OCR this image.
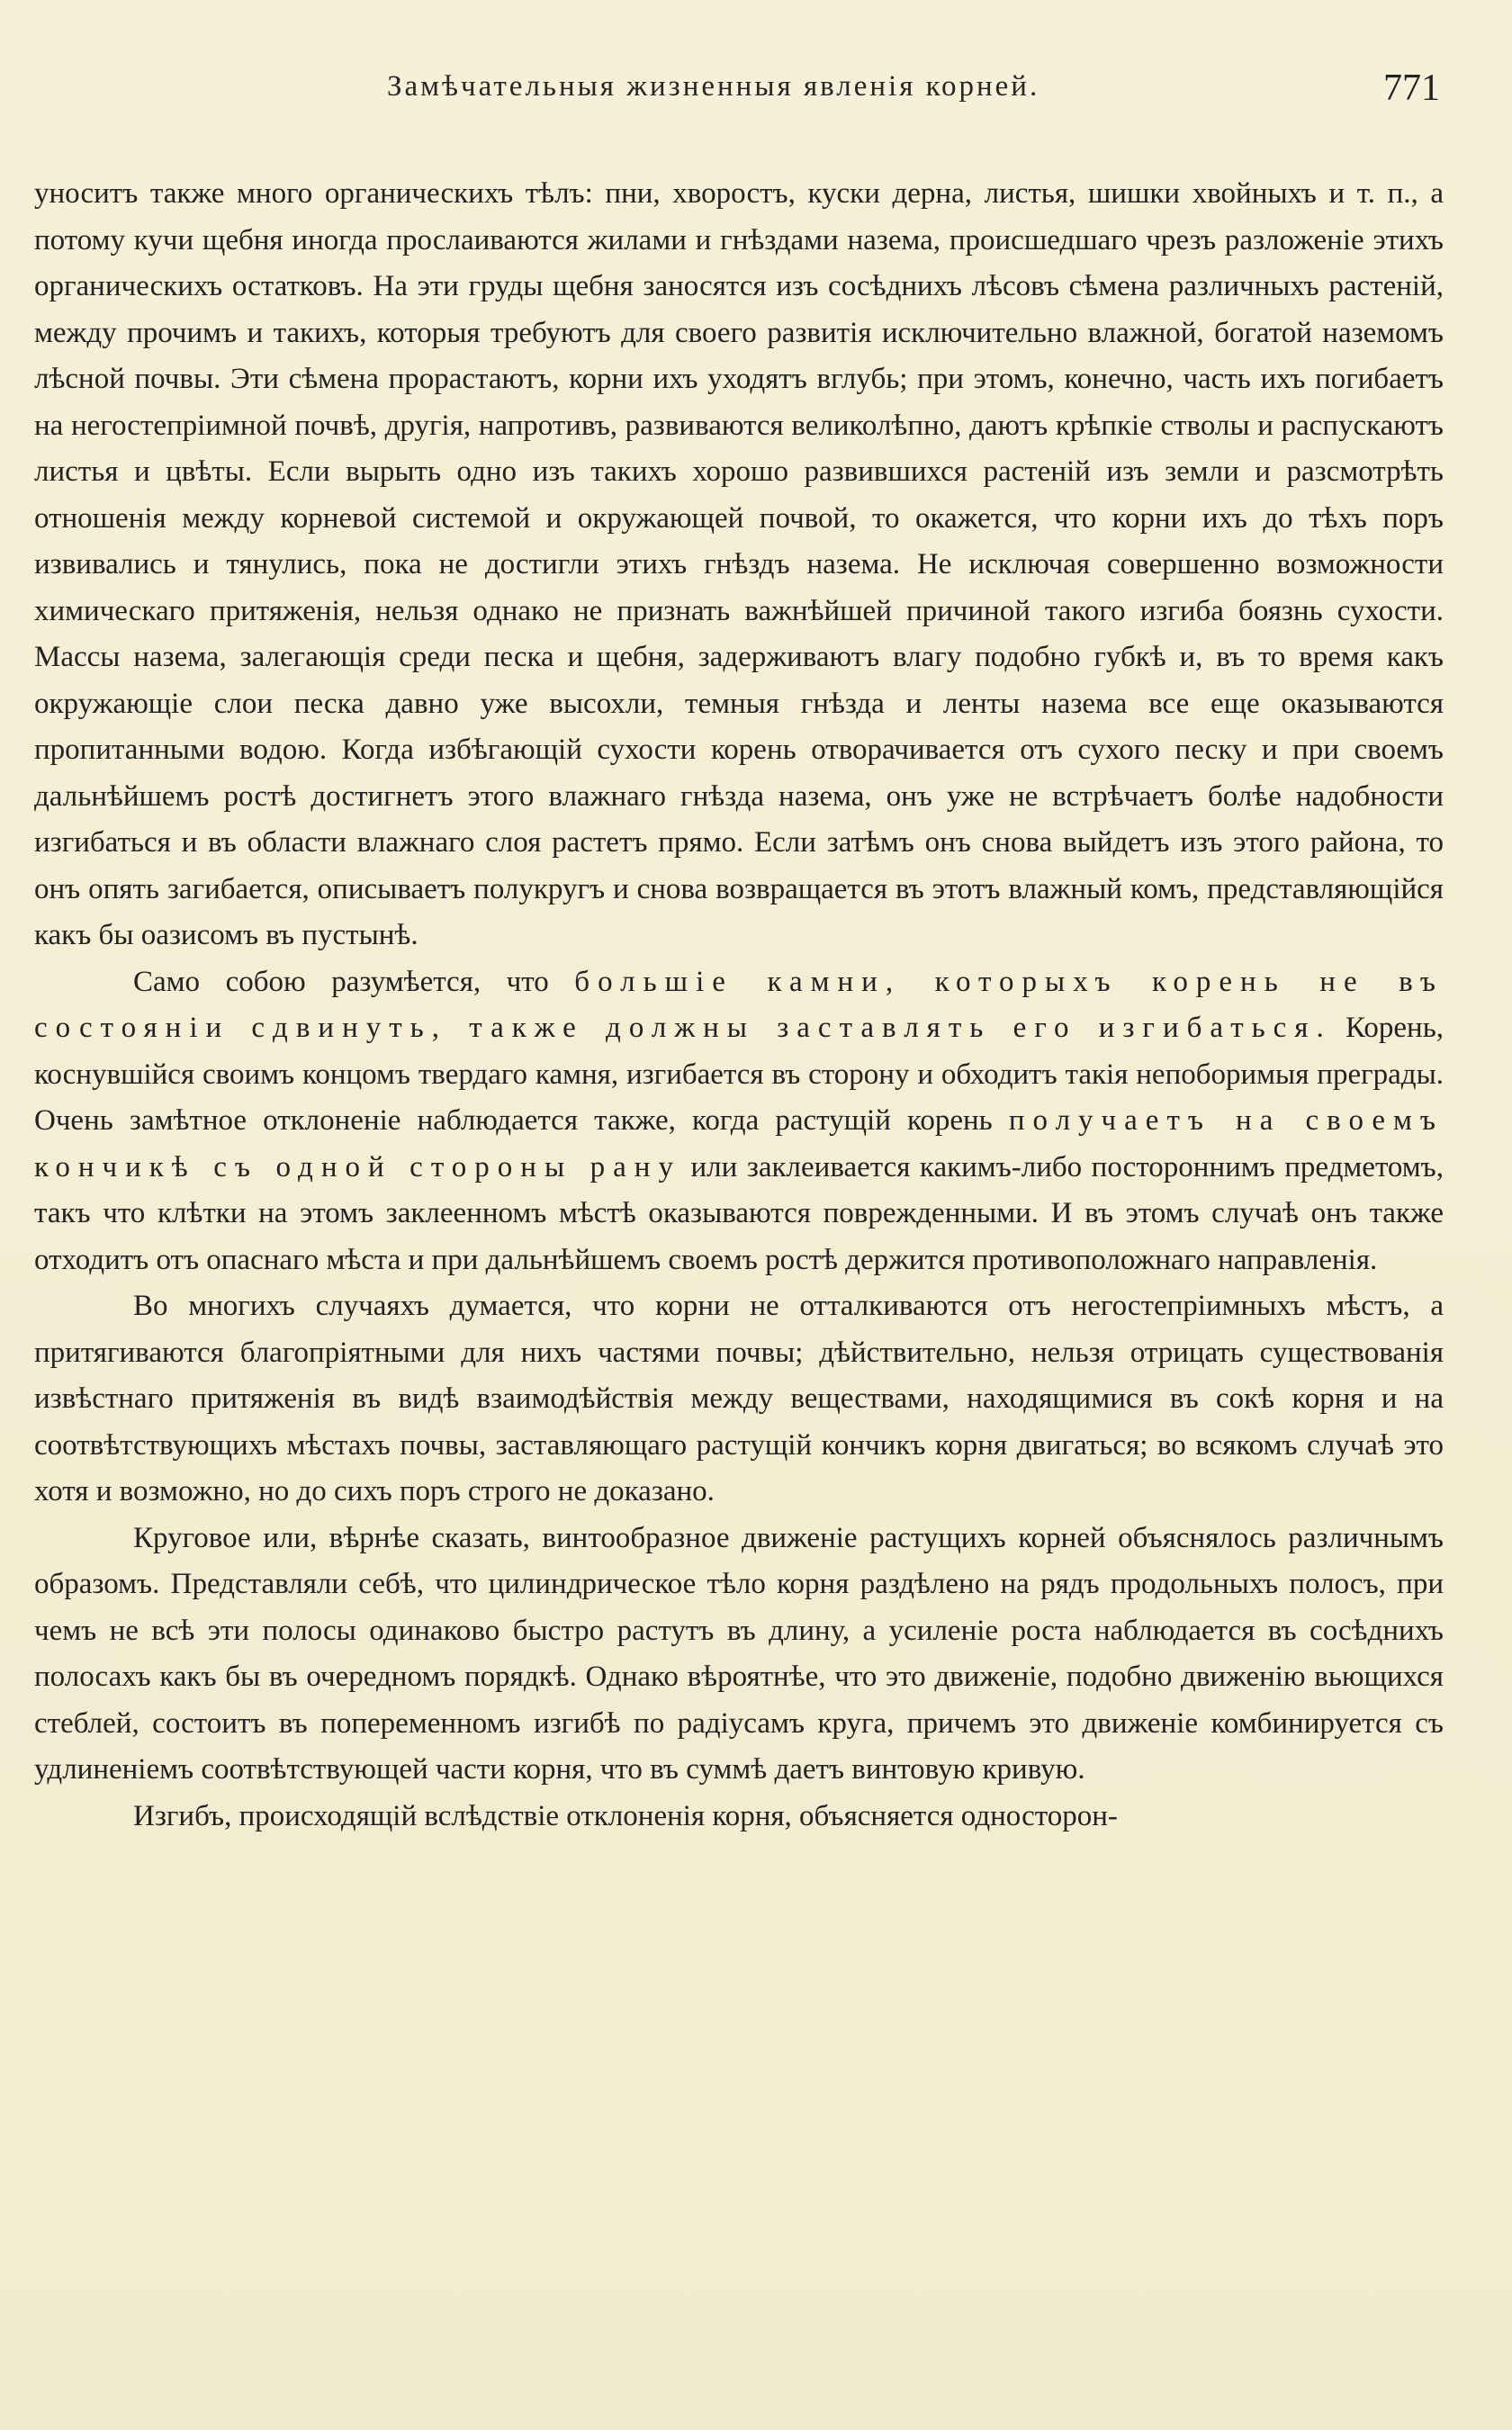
Замѣчательныя жизненныя явленія корней.	771

уноситъ также много органическихъ тѣлъ: пни, хворостъ, куски дерна, листья, шишки хвойныхъ и т. п., а потому кучи щебня иногда прослаиваются жилами и гнѣздами назема, происшедшаго чрезъ разложеніе этихъ органическихъ остатковъ. На эти груды щебня заносятся изъ сосѣднихъ лѣсовъ сѣмена различныхъ растеній, между прочимъ и такихъ, которыя требуютъ для своего развитія исключительно влажной, богатой наземомъ лѣсной почвы. Эти сѣмена прорастаютъ, корни ихъ уходятъ вглубь; при этомъ, конечно, часть ихъ погибаетъ на негостепріимной почвѣ, другія, напротивъ, развиваются великолѣпно, даютъ крѣпкіе стволы и распускаютъ листья и цвѣты. Если вырыть одно изъ такихъ хорошо развившихся растеній изъ земли и разсмотрѣть отношенія между корневой системой и окружающей почвой, то окажется, что корни ихъ до тѣхъ поръ извивались и тянулись, пока не достигли этихъ гнѣздъ назема. Не исключая совершенно возможности химическаго притяженія, нельзя однако не признать важнѣйшей причиной такого изгиба боязнь сухости. Массы назема, залегающія среди песка и щебня, задерживаютъ влагу подобно губкѣ и, въ то время какъ окружающіе слои песка давно уже высохли, темныя гнѣзда и ленты назема все еще оказываются пропитанными водою. Когда избѣгающій сухости корень отворачивается отъ сухого песку и при своемъ дальнѣйшемъ ростѣ достигнетъ этого влажнаго гнѣзда назема, онъ уже не встрѣчаетъ болѣе надобности изгибаться и въ области влажнаго слоя растетъ прямо. Если затѣмъ онъ снова выйдетъ изъ этого района, то онъ опять загибается, описываетъ полукругъ и снова возвращается въ этотъ влажный комъ, представляющійся какъ бы оазисомъ въ пустынѣ.

Само собою разумѣется, что большіе камни, которыхъ корень не въ состояніи сдвинуть, также должны заставлять его изгибаться. Корень, коснувшійся своимъ концомъ твердаго камня, изгибается въ сторону и обходитъ такія непоборимыя преграды. Очень замѣтное отклоненіе наблюдается также, когда растущій корень получаетъ на своемъ кончикѣ съ одной стороны рану или заклеивается какимъ-либо постороннимъ предметомъ, такъ что клѣтки на этомъ заклеенномъ мѣстѣ оказываются поврежденными. И въ этомъ случаѣ онъ также отходитъ отъ опаснаго мѣста и при дальнѣйшемъ своемъ ростѣ держится противоположнаго направленія.

Во многихъ случаяхъ думается, что корни не отталкиваются отъ негостепріимныхъ мѣстъ, а притягиваются благопріятными для нихъ частями почвы; дѣйствительно, нельзя отрицать существованія извѣстнаго притяженія въ видѣ взаимодѣйствія между веществами, находящимися въ сокѣ корня и на соотвѣтствующихъ мѣстахъ почвы, заставляющаго растущій кончикъ корня двигаться; во всякомъ случаѣ это хотя и возможно, но до сихъ поръ строго не доказано.

Круговое или, вѣрнѣе сказать, винтообразное движеніе растущихъ корней объяснялось различнымъ образомъ. Представляли себѣ, что цилиндрическое тѣло корня раздѣлено на рядъ продольныхъ полосъ, при чемъ не всѣ эти полосы одинаково быстро растутъ въ длину, а усиленіе роста наблюдается въ сосѣднихъ полосахъ какъ бы въ очередномъ порядкѣ. Однако вѣроятнѣе, что это движеніе, подобно движенію вьющихся стеблей, состоитъ въ попеременномъ изгибѣ по радіусамъ круга, причемъ это движеніе комбинируется съ удлиненіемъ соотвѣтствующей части корня, что въ суммѣ даетъ винтовую кривую.

Изгибъ, происходящій вслѣдствіе отклоненія корня, объясняется односторон-
